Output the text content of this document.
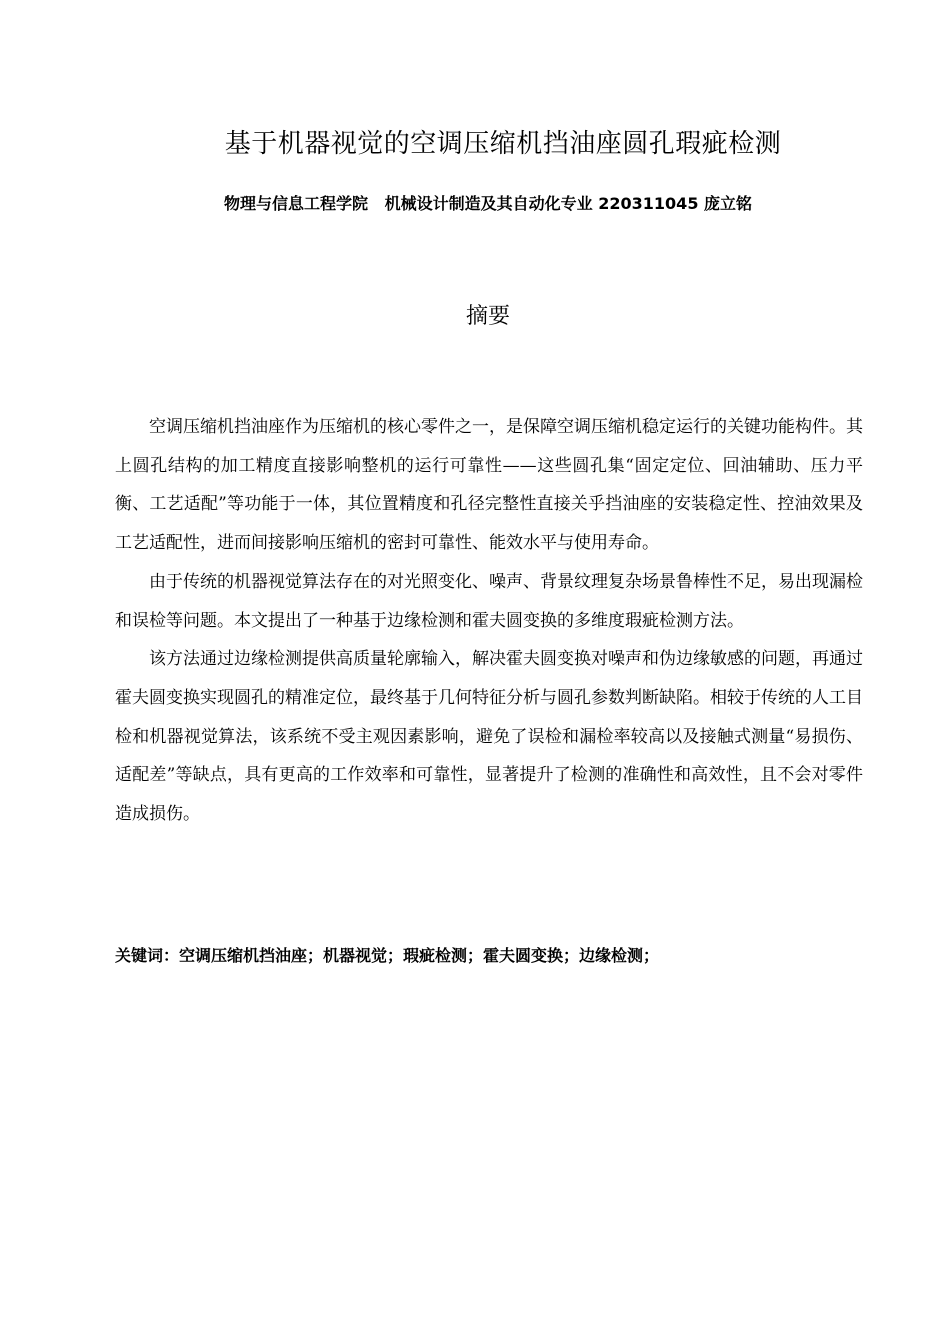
基于机器视觉的空调压缩机挡油座圆孔瑕疵检测
物理与信息工程学院   机械设计制造及其自动化专业 220311045 庞立铭
摘要

空调压缩机挡油座作为压缩机的核心零件之一，是保障空调压缩机稳定运行的关键功能构件。其上圆孔结构的加工精度直接影响整机的运行可靠性——这些圆孔集“固定定位、回油辅助、压力平衡、工艺适配”等功能于一体，其位置精度和孔径完整性直接关乎挡油座的安装稳定性、控油效果及工艺适配性，进而间接影响压缩机的密封可靠性、能效水平与使用寿命。

由于传统的机器视觉算法存在的对光照变化、噪声、背景纹理复杂场景鲁棒性不足，易出现漏检和误检等问题。本文提出了一种基于边缘检测和霍夫圆变换的多维度瑕疵检测方法。

该方法通过边缘检测提供高质量轮廓输入，解决霍夫圆变换对噪声和伪边缘敏感的问题，再通过霍夫圆变换实现圆孔的精准定位，最终基于几何特征分析与圆孔参数判断缺陷。相较于传统的人工目检和机器视觉算法，该系统不受主观因素影响，避免了误检和漏检率较高以及接触式测量“易损伤、适配差”等缺点，具有更高的工作效率和可靠性，显著提升了检测的准确性和高效性，且不会对零件造成损伤。

关键词：空调压缩机挡油座；机器视觉；瑕疵检测；霍夫圆变换；边缘检测；
